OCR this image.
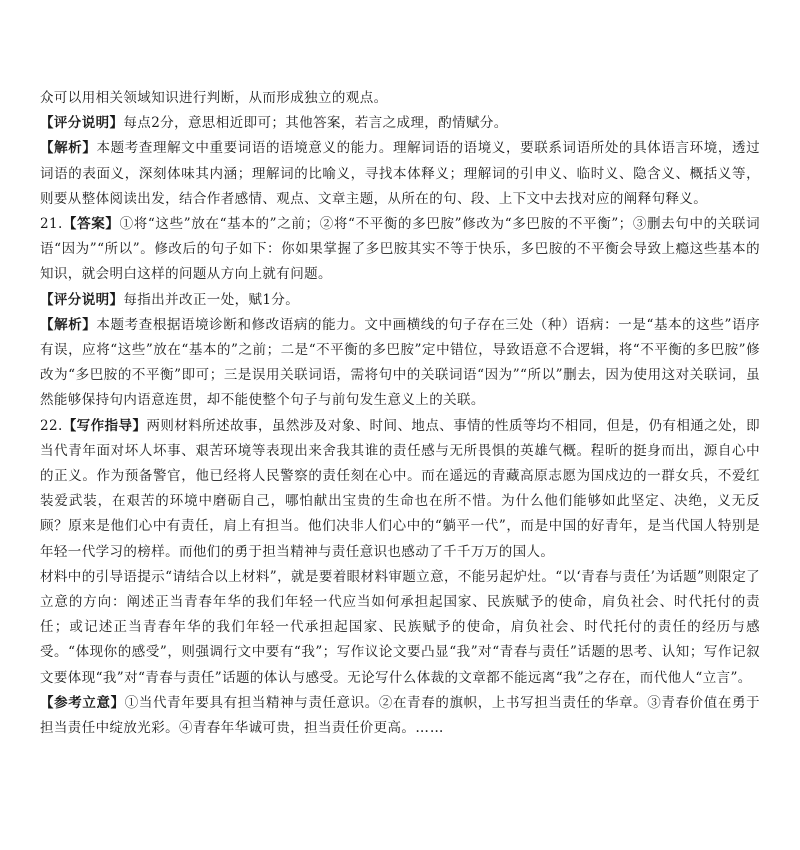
众可以用相关领域知识进行判断，从而形成独立的观点。

【评分说明】每点2分，意思相近即可；其他答案，若言之成理，酌情赋分。

【解析】本题考查理解文中重要词语的语境意义的能力。理解词语的语境义，要联系词语所处的具体语言环境，透过词语的表面义，深刻体味其内涵；理解词的比喻义，寻找本体释义；理解词的引申义、临时义、隐含义、概括义等，则要从整体阅读出发，结合作者感情、观点、文章主题，从所在的句、段、上下文中去找对应的阐释句释义。

21.【答案】①将“这些”放在“基本的”之前；②将“不平衡的多巴胺”修改为“多巴胺的不平衡”；③删去句中的关联词语“因为”“所以”。修改后的句子如下：你如果掌握了多巴胺其实不等于快乐，多巴胺的不平衡会导致上瘾这些基本的知识，就会明白这样的问题从方向上就有问题。

【评分说明】每指出并改正一处，赋1分。

【解析】本题考查根据语境诊断和修改语病的能力。文中画横线的句子存在三处（种）语病：一是“基本的这些”语序有误，应将“这些”放在“基本的”之前；二是“不平衡的多巴胺”定中错位，导致语意不合逻辑，将“不平衡的多巴胺”修改为“多巴胺的不平衡”即可；三是误用关联词语，需将句中的关联词语“因为”“所以”删去，因为使用这对关联词，虽然能够保持句内语意连贯，却不能使整个句子与前句发生意义上的关联。

22.【写作指导】两则材料所述故事，虽然涉及对象、时间、地点、事情的性质等均不相同，但是，仍有相通之处，即当代青年面对坏人坏事、艰苦环境等表现出来舍我其谁的责任感与无所畏惧的英雄气概。程昕的挺身而出，源自心中的正义。作为预备警官，他已经将人民警察的责任刻在心中。而在遥远的青藏高原志愿为国戍边的一群女兵，不爱红装爱武装，在艰苦的环境中磨砺自己，哪怕献出宝贵的生命也在所不惜。为什么他们能够如此坚定、决绝，义无反顾？原来是他们心中有责任，肩上有担当。他们决非人们心中的“躺平一代”，而是中国的好青年，是当代国人特别是年轻一代学习的榜样。而他们的勇于担当精神与责任意识也感动了千千万万的国人。

材料中的引导语提示“请结合以上材料”，就是要着眼材料审题立意，不能另起炉灶。“以‘青春与责任’为话题”则限定了立意的方向：阐述正当青春年华的我们年轻一代应当如何承担起国家、民族赋予的使命，肩负社会、时代托付的责任；或记述正当青春年华的我们年轻一代承担起国家、民族赋予的使命，肩负社会、时代托付的责任的经历与感受。“体现你的感受”，则强调行文中要有“我”；写作议论文要凸显“我”对“青春与责任”话题的思考、认知；写作记叙文要体现“我”对“青春与责任”话题的体认与感受。无论写什么体裁的文章都不能远离“我”之存在，而代他人“立言”。

【参考立意】①当代青年要具有担当精神与责任意识。②在青春的旗帜，上书写担当责任的华章。③青春价值在勇于担当责任中绽放光彩。④青春年华诚可贵，担当责任价更高。……
